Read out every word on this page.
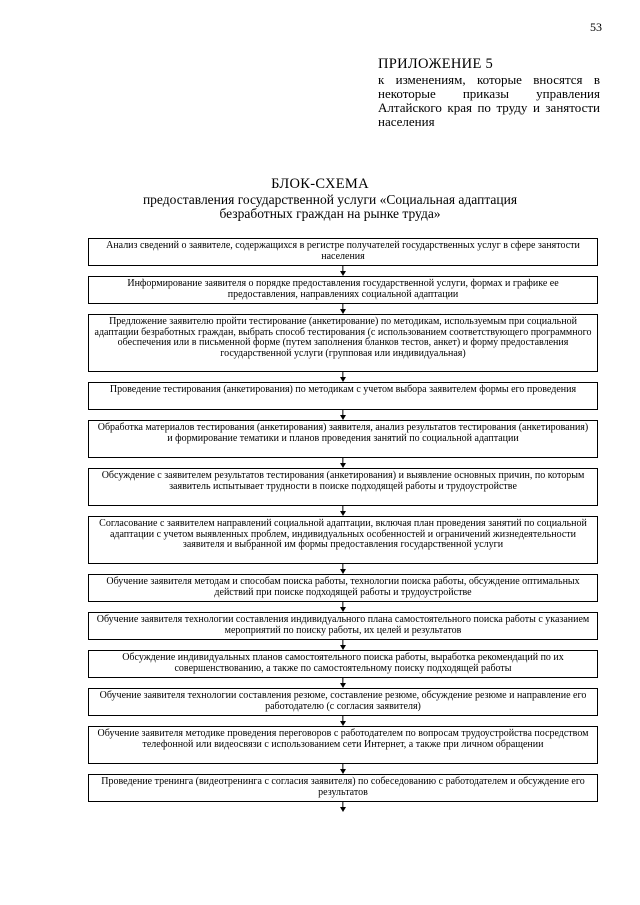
53
ПРИЛОЖЕНИЕ 5
к изменениям, которые вносятся в некоторые приказы управления Алтайского края по труду и занятости населения
БЛОК-СХЕМА
предоставления государственной услуги «Социальная адаптация безработных граждан на рынке труда»
Анализ сведений о заявителе, содержащихся в регистре получателей государственных услуг в сфере занятости населения
Информирование заявителя о порядке предоставления государственной услуги, формах и графике ее предоставления, направлениях социальной адаптации
Предложение заявителю пройти тестирование (анкетирование) по методикам, используемым при социальной адаптации безработных граждан, выбрать способ тестирования (с использованием соответствующего программного обеспечения или в письменной форме (путем заполнения бланков тестов, анкет) и форму предоставления государственной услуги (групповая или индивидуальная)
Проведение тестирования (анкетирования) по методикам с учетом выбора заявителем формы его проведения
Обработка материалов тестирования (анкетирования) заявителя, анализ результатов тестирования (анкетирования) и формирование тематики и планов проведения занятий по социальной адаптации
Обсуждение с заявителем результатов тестирования (анкетирования) и выявление основных причин, по которым заявитель испытывает трудности в поиске подходящей работы и трудоустройстве
Согласование с заявителем направлений социальной адаптации, включая план проведения занятий по социальной адаптации с учетом выявленных проблем, индивидуальных особенностей и ограничений жизнедеятельности заявителя и выбранной им формы предоставления государственной услуги
Обучение заявителя методам и способам поиска работы, технологии поиска работы, обсуждение оптимальных действий при поиске подходящей работы и трудоустройстве
Обучение заявителя технологии составления индивидуального плана самостоятельного поиска работы с указанием мероприятий по поиску работы, их целей и результатов
Обсуждение индивидуальных планов самостоятельного поиска работы, выработка рекомендаций по их совершенствованию, а также по самостоятельному поиску подходящей работы
Обучение заявителя технологии составления резюме, составление резюме, обсуждение резюме и направление его работодателю (с согласия заявителя)
Обучение заявителя методике проведения переговоров с работодателем по вопросам трудоустройства посредством телефонной или видеосвязи с использованием сети Интернет, а также при личном обращении
Проведение тренинга (видеотренинга с согласия заявителя) по собеседованию с работодателем и обсуждение его результатов
